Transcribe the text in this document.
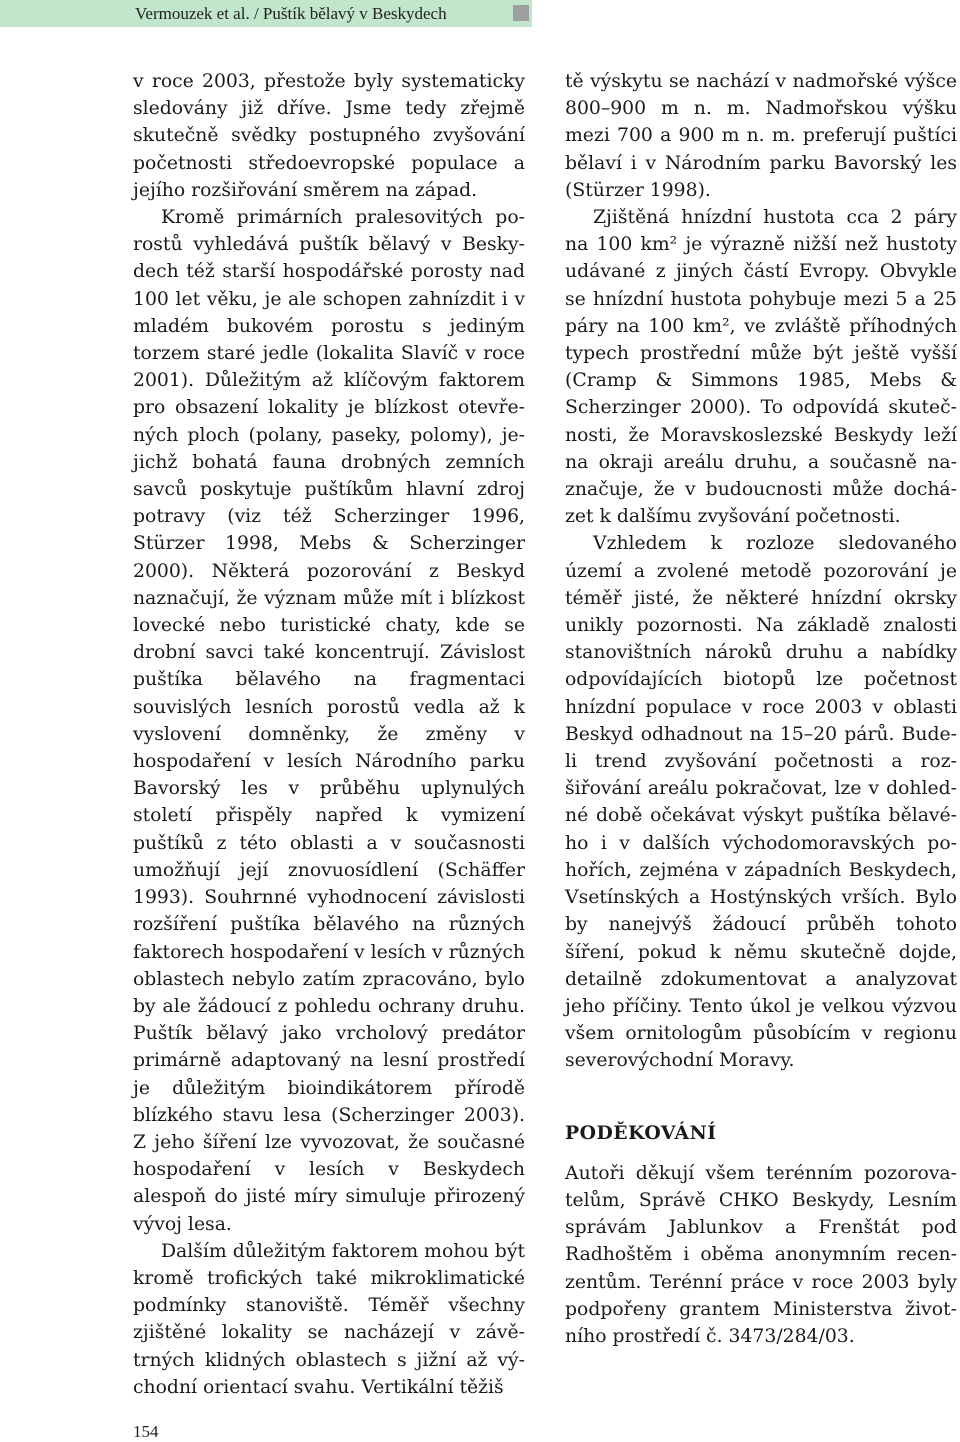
Vermouzek et al. / Puštík bělavý v Beskydech

v roce 2003, přestože byly systematicky sledovány již dříve. Jsme tedy zřejmě skutečně svědky postupného zvyšování početnosti středoevropské populace a jejího rozšiřování směrem na západ.

Kromě primárních pralesovitých porostů vyhledává puštík bělavý v Beskydech též starší hospodářské porosty nad 100 let věku, je ale schopen zahnízdit i v mladém bukovém porostu s jediným torzem staré jedle (lokalita Slavíč v roce 2001). Důležitým až klíčovým faktorem pro obsazení lokality je blízkost otevřených ploch (polany, paseky, polomy), jejichž bohatá fauna drobných zemních savců poskytuje puštíkům hlavní zdroj potravy (viz též Scherzinger 1996, Stürzer 1998, Mebs & Scherzinger 2000). Některá pozorování z Beskyd naznačují, že význam může mít i blízkost lovecké nebo turistické chaty, kde se drobní savci také koncentrují. Závislost puštíka bělavého na fragmentaci souvislých lesních porostů vedla až k vyslovení domněnky, že změny v hospodaření v lesích Národního parku Bavorský les v průběhu uplynulých století přispěly napřed k vymizení puštíků z této oblasti a v současnosti umožňují její znovuosídlení (Schäffer 1993). Souhrnné vyhodnocení závislosti rozšíření puštíka bělavého na různých faktorech hospodaření v lesích v různých oblastech nebylo zatím zpracováno, bylo by ale žádoucí z pohledu ochrany druhu. Puštík bělavý jako vrcholový predátor primárně adaptovaný na lesní prostředí je důležitým bioindikátorem přírodě blízkého stavu lesa (Scherzinger 2003). Z jeho šíření lze vyvozovat, že současné hospodaření v lesích v Beskydech alespoň do jisté míry simuluje přirozený vývoj lesa.

Dalším důležitým faktorem mohou být kromě trofických také mikroklimatické podmínky stanoviště. Téměř všechny zjištěné lokality se nacházejí v závětrných klidných oblastech s jižní až východní orientací svahu. Vertikální těžiš

tě výskytu se nachází v nadmořské výšce 800–900 m n. m. Nadmořskou výšku mezi 700 a 900 m n. m. preferují puštíci bělaví i v Národním parku Bavorský les (Stürzer 1998).

Zjištěná hnízdní hustota cca 2 páry na 100 km² je výrazně nižší než hustoty udávané z jiných částí Evropy. Obvykle se hnízdní hustota pohybuje mezi 5 a 25 páry na 100 km², ve zvláště příhodných typech prostřední může být ještě vyšší (Cramp & Simmons 1985, Mebs & Scherzinger 2000). To odpovídá skutečnosti, že Moravskoslezské Beskydy leží na okraji areálu druhu, a současně naznačuje, že v budoucnosti může docházet k dalšímu zvyšování početnosti.

Vzhledem k rozloze sledovaného území a zvolené metodě pozorování je téměř jisté, že některé hnízdní okrsky unikly pozornosti. Na základě znalosti stanovištních nároků druhu a nabídky odpovídajících biotopů lze početnost hnízdní populace v roce 2003 v oblasti Beskyd odhadnout na 15–20 párů. Bude-li trend zvyšování početnosti a rozšiřování areálu pokračovat, lze v dohledné době očekávat výskyt puštíka bělavého i v dalších východomoravských pohořích, zejména v západních Beskydech, Vsetínských a Hostýnských vrších. Bylo by nanejvýš žádoucí průběh tohoto šíření, pokud k němu skutečně dojde, detailně zdokumentovat a analyzovat jeho příčiny. Tento úkol je velkou výzvou všem ornitologům působícím v regionu severovýchodní Moravy.

PODĚKOVÁNÍ

Autoři děkují všem terénním pozorovatelům, Správě CHKO Beskydy, Lesním správám Jablunkov a Frenštát pod Radhoštěm i oběma anonymním recenzentům. Terénní práce v roce 2003 byly podpořeny grantem Ministerstva životního prostředí č. 3473/284/03.

154
